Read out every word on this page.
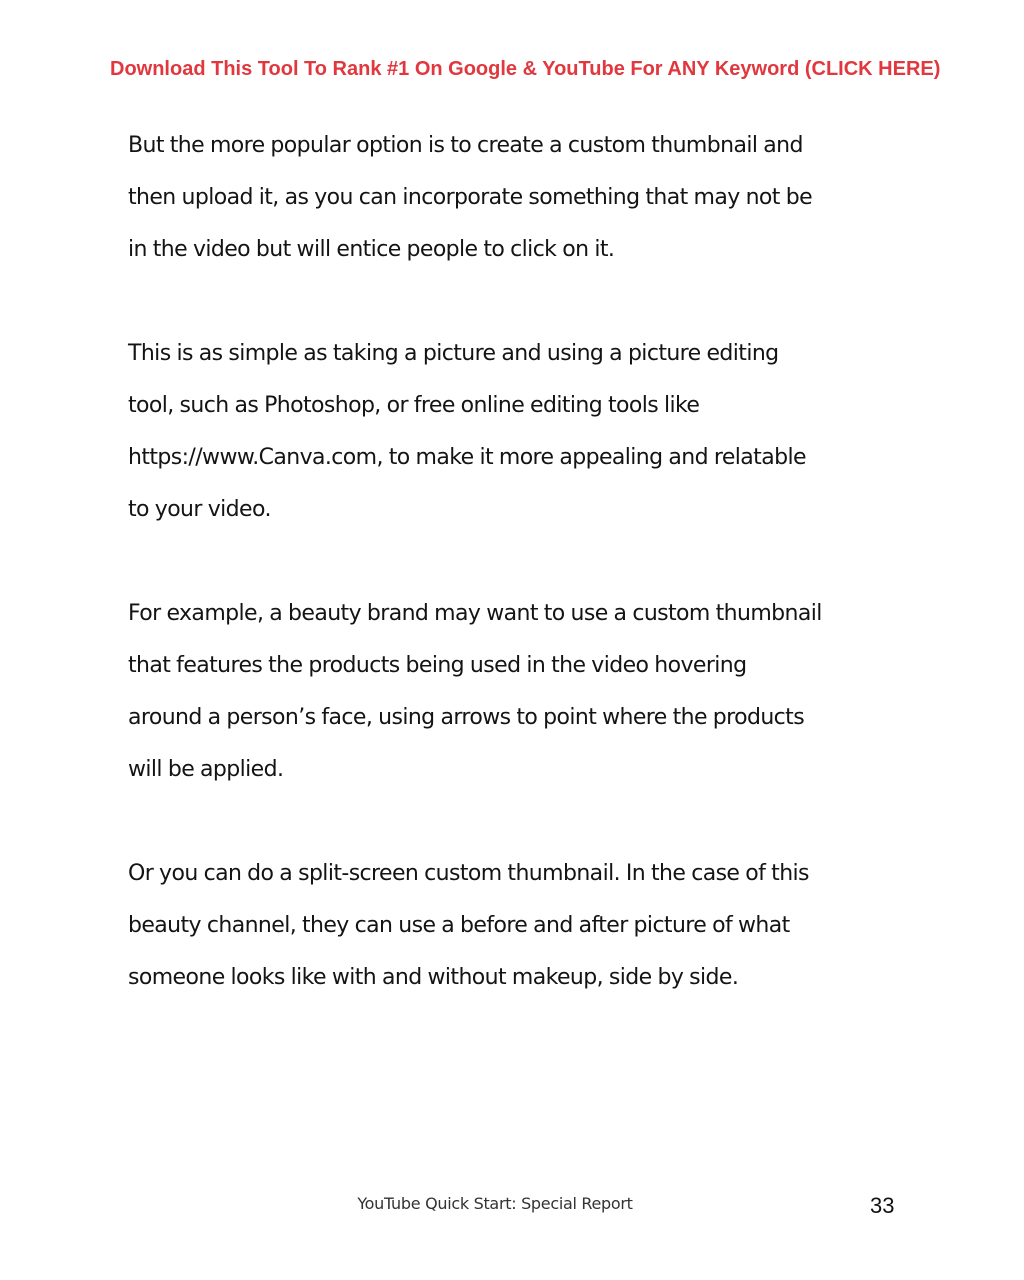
Download This Tool To Rank #1 On Google & YouTube For ANY Keyword (CLICK HERE)

But the more popular option is to create a custom thumbnail and
then upload it, as you can incorporate something that may not be
in the video but will entice people to click on it.

This is as simple as taking a picture and using a picture editing
tool, such as Photoshop, or free online editing tools like
https://www.Canva.com, to make it more appealing and relatable
to your video.

For example, a beauty brand may want to use a custom thumbnail
that features the products being used in the video hovering
around a person’s face, using arrows to point where the products
will be applied.

Or you can do a split-screen custom thumbnail. In the case of this
beauty channel, they can use a before and after picture of what
someone looks like with and without makeup, side by side.

YouTube Quick Start: Special Report	33
